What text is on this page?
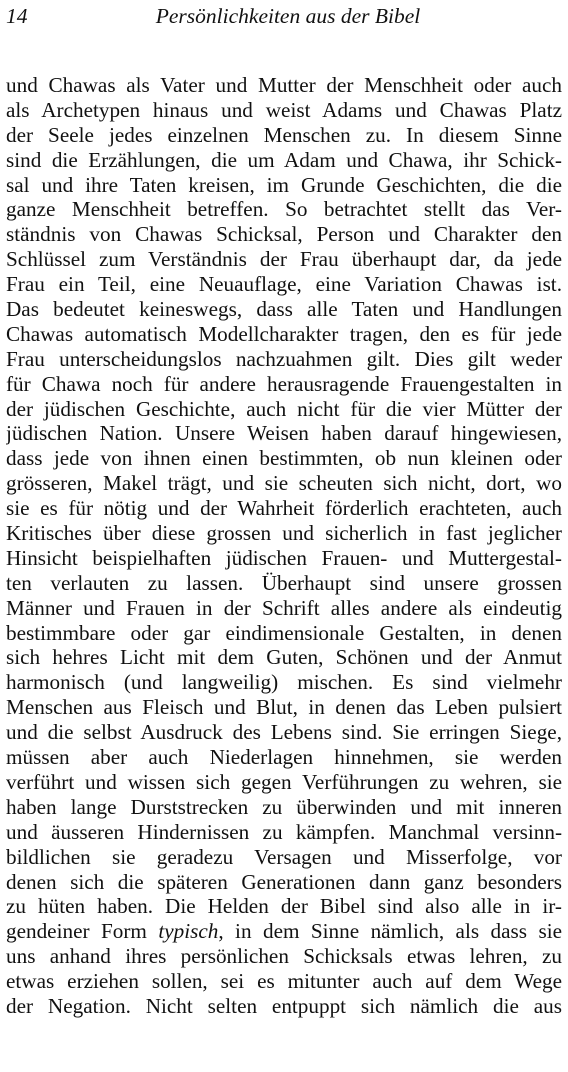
14	Persönlichkeiten aus der Bibel
und Chawas als Vater und Mutter der Menschheit oder auch
als Archetypen hinaus und weist Adams und Chawas Platz
der Seele jedes einzelnen Menschen zu. In diesem Sinne
sind die Erzählungen, die um Adam und Chawa, ihr Schick-
sal und ihre Taten kreisen, im Grunde Geschichten, die die
ganze Menschheit betreffen. So betrachtet stellt das Ver-
ständnis von Chawas Schicksal, Person und Charakter den
Schlüssel zum Verständnis der Frau überhaupt dar, da jede
Frau ein Teil, eine Neuauflage, eine Variation Chawas ist.
Das bedeutet keineswegs, dass alle Taten und Handlungen
Chawas automatisch Modellcharakter tragen, den es für jede
Frau unterscheidungslos nachzuahmen gilt. Dies gilt weder
für Chawa noch für andere herausragende Frauengestalten in
der jüdischen Geschichte, auch nicht für die vier Mütter der
jüdischen Nation. Unsere Weisen haben darauf hingewiesen,
dass jede von ihnen einen bestimmten, ob nun kleinen oder
grösseren, Makel trägt, und sie scheuten sich nicht, dort, wo
sie es für nötig und der Wahrheit förderlich erachteten, auch
Kritisches über diese grossen und sicherlich in fast jeglicher
Hinsicht beispielhaften jüdischen Frauen- und Muttergestal-
ten verlauten zu lassen. Überhaupt sind unsere grossen
Männer und Frauen in der Schrift alles andere als eindeutig
bestimmbare oder gar eindimensionale Gestalten, in denen
sich hehres Licht mit dem Guten, Schönen und der Anmut
harmonisch (und langweilig) mischen. Es sind vielmehr
Menschen aus Fleisch und Blut, in denen das Leben pulsiert
und die selbst Ausdruck des Lebens sind. Sie erringen Siege,
müssen aber auch Niederlagen hinnehmen, sie werden
verführt und wissen sich gegen Verführungen zu wehren, sie
haben lange Durststrecken zu überwinden und mit inneren
und äusseren Hindernissen zu kämpfen. Manchmal versinn-
bildlichen sie geradezu Versagen und Misserfolge, vor
denen sich die späteren Generationen dann ganz besonders
zu hüten haben. Die Helden der Bibel sind also alle in ir-
gendeiner Form typisch, in dem Sinne nämlich, als dass sie
uns anhand ihres persönlichen Schicksals etwas lehren, zu
etwas erziehen sollen, sei es mitunter auch auf dem Wege
der Negation. Nicht selten entpuppt sich nämlich die aus
